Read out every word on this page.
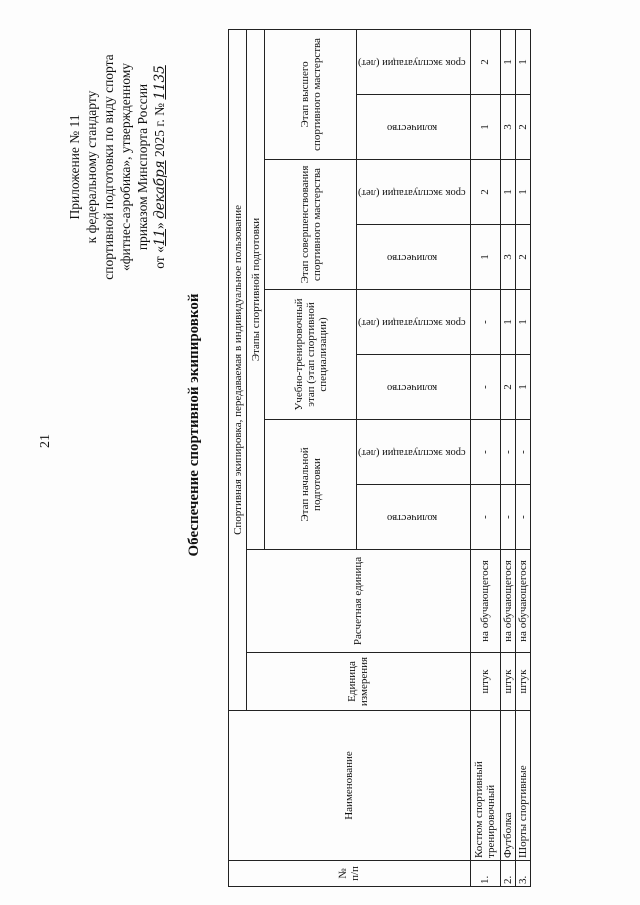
21
Приложение № 11 к федеральному стандарту спортивной подготовки по виду спорта «фитнес-аэробика», утвержденному приказом Минспорта России
от «11» декабря 2025 г. № 1135
Обеспечение спортивной экипировкой
№ п/п	Наименование	Спортивная экипировка, передаваемая в индивидуальное пользование									
		Единица измерения	Расчетная единица	Этапы спортивной подготовки							
				Этап начальной подготовки		Учебно-тренировочный этап (этап спортивной специализации)		Этап совершенствования спортивного мастерства		Этап высшего спортивного мастерства	
				количество	срок эксплуатации (лет)	количество	срок эксплуатации (лет)	количество	срок эксплуатации (лет)	количество	срок эксплуатации (лет)
1.	Костюм спортивный тренировочный	штук	на обучающегося	-	-	-	-	1	2	1	2
2.	Футболка	штук	на обучающегося	-	-	2	1	3	1	3	1
3.	Шорты спортивные	штук	на обучающегося	-	-	1	1	2	1	2	1
